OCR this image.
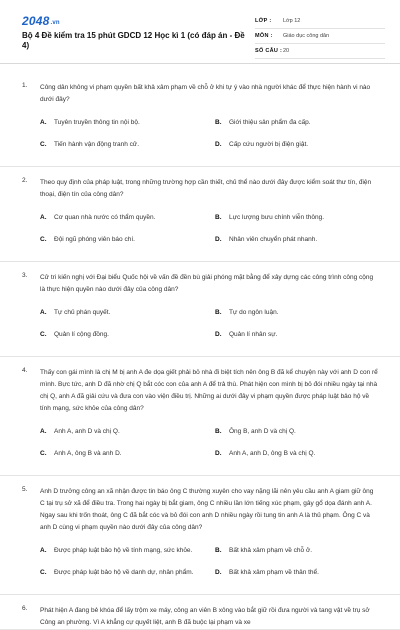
2048.vn
Bộ 4 Đề kiểm tra 15 phút GDCD 12 Học kì 1 (có đáp án - Đề 4)
LỚP :	Lớp 12
MÔN :	Giáo dục công dân
SỐ CÂU : 20
1. Công dân không vi phạm quyền bất khả xâm phạm về chỗ ở khi tự ý vào nhà người khác để thực hiện hành vi nào dưới đây?
A.	Tuyên truyền thông tin nội bộ.	B.	Giới thiệu sản phẩm đa cấp.
C.	Tiến hành vận động tranh cử.	D.	Cấp cứu người bị điện giật.
2. Theo quy định của pháp luật, trong những trường hợp cần thiết, chủ thể nào dưới đây được kiểm soát thư tín, điện thoại, điện tín của công dân?
A.	Cơ quan nhà nước có thẩm quyền.	B.	Lực lượng bưu chính viễn thông.
C.	Đội ngũ phóng viên báo chí.	D.	Nhân viên chuyển phát nhanh.
3. Cử tri kiến nghị với Đại biểu Quốc hội về vấn đề đền bù giải phóng mặt bằng để xây dựng các công trình công cộng là thực hiện quyền nào dưới đây của công dân?
A.	Tự chủ phán quyết.	B.	Tự do ngôn luận.
C.	Quản lí cộng đồng.	D.	Quản lí nhân sự.
4. Thấy con gái mình là chị M bị anh A đe dọa giết phải bỏ nhà đi biệt tích nên ông B đã kể chuyện này với anh D con rể mình. Bực tức, anh D đã nhờ chị Q bắt cóc con của anh A để trả thù. Phát hiện con mình bị bỏ đói nhiều ngày tại nhà chị Q, anh A đã giải cứu và đưa con vào viện điều trị. Những ai dưới đây vi phạm quyền được pháp luật bảo hộ về tính mạng, sức khỏe của công dân?
A.	Anh A, anh D và chị Q.	B.	Ông B, anh D và chị Q.
C.	Anh A, ông B và anh D.	D.	Anh A, anh D, ông B và chị Q.
5. Anh D trưởng công an xã nhận được tin báo ông C thường xuyên cho vay nặng lãi nên yêu cầu anh A giam giữ ông C tại trụ sở xã để điều tra. Trong hai ngày bị bắt giam, ông C nhiều lần lớn tiếng xúc phạm, gây gổ dọa đánh anh A. Ngay sau khi trốn thoát, ông C đã bắt cóc và bỏ đói con anh D nhiều ngày rồi tung tin anh A là thủ phạm. Ông C và anh D cùng vi phạm quyền nào dưới đây của công dân?
A.	Được pháp luật bảo hộ về tính mạng, sức khỏe.	B.	Bất khả xâm phạm về chỗ ở.
C.	Được pháp luật bảo hộ về danh dự, nhân phẩm.	D.	Bất khả xâm phạm về thân thể.
6. Phát hiện A đang bẻ khóa để lấy trộm xe máy, công an viên B xông vào bắt giữ rồi đưa người và tang vật về trụ sở Công an phường. Vì A khẳng cự quyết liệt, anh B đã buộc lại phạm và xe
